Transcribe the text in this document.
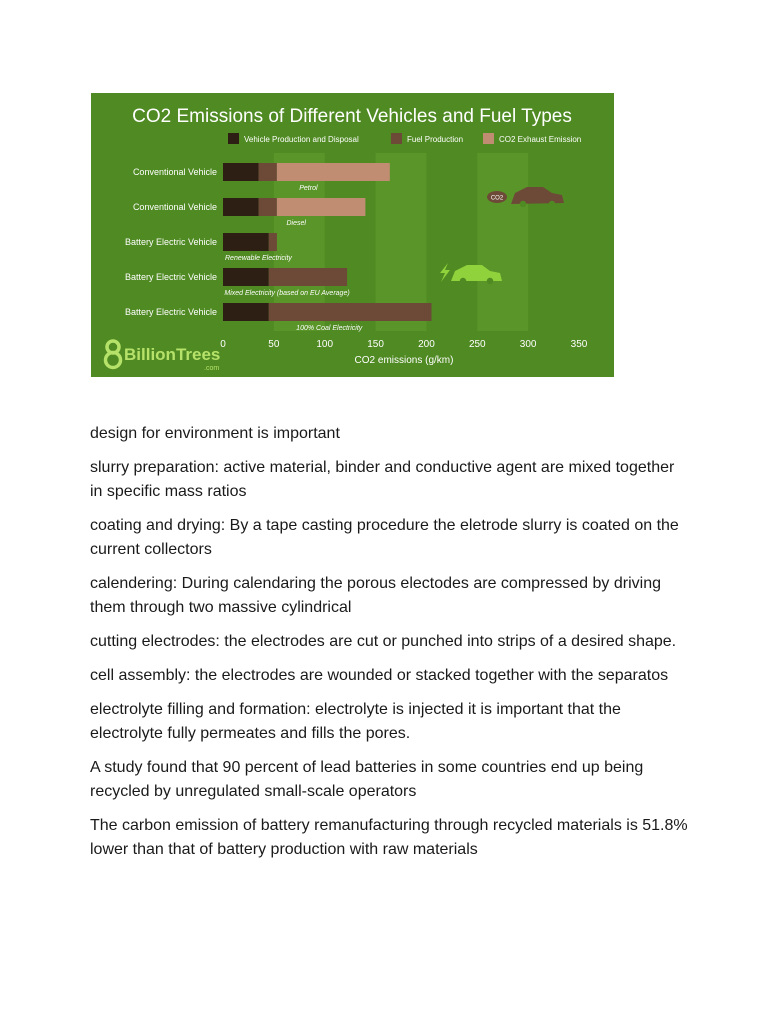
CO2 Emissions of Different Vehicles and Fuel Types
Vehicle Production and Disposal	Fuel Production	CO2 Exhaust Emission
Conventional Vehicle
Conventional Vehicle
Battery Electric Vehicle
Battery Electric Vehicle
Battery Electric Vehicle
Petrol
Diesel
Renewable Electricity
Mixed Electricity (based on EU Average)
100% Coal Electricity
0	50	100	150	200	250	300	350
CO2 emissions (g/km)
BillionTrees
.com
CO2

design for environment is important

slurry preparation: active material, binder and conductive agent are mixed together in specific mass ratios

coating and drying: By a tape casting procedure the eletrode slurry is coated on the current collectors

calendering: During calendaring the porous electodes are compressed by driving them through two massive cylindrical

cutting electrodes: the electrodes are cut or punched into strips of a desired shape.

cell assembly: the electrodes are wounded or stacked together with the separatos

electrolyte filling and formation: electrolyte is injected it is important that the electrolyte fully permeates and fills the pores.

A study found that 90 percent of lead batteries in some countries end up being recycled by unregulated small-scale operators

The carbon emission of battery remanufacturing through recycled materials is 51.8% lower than that of battery production with raw materials
